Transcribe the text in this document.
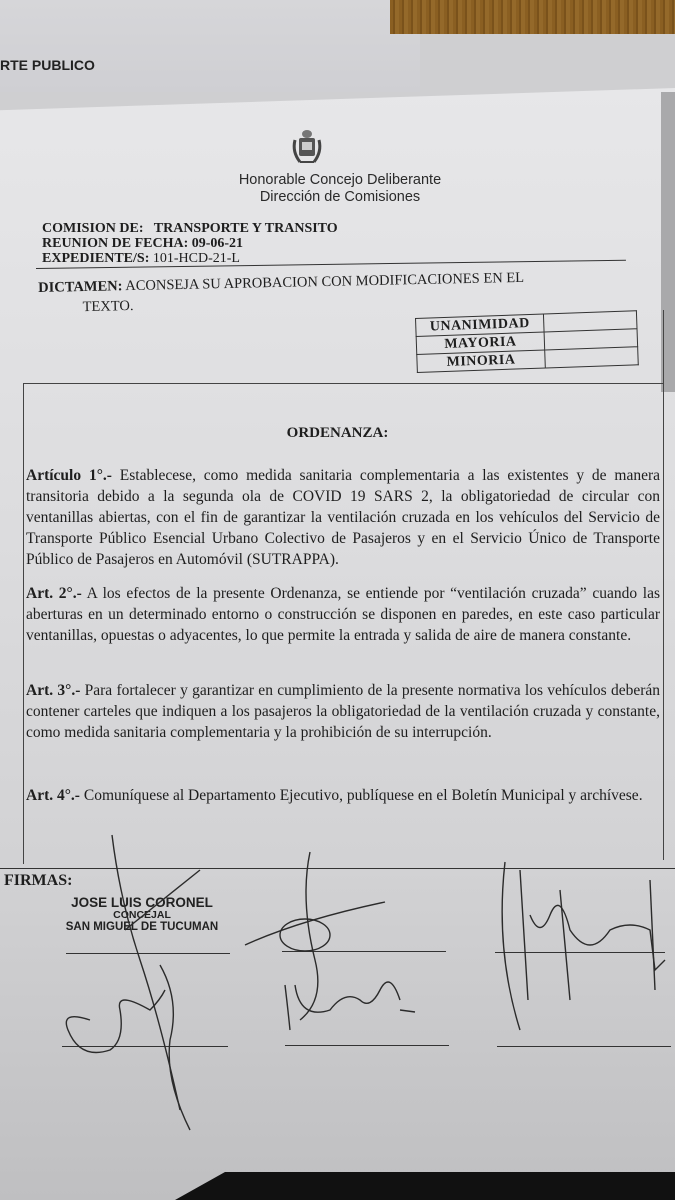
RTE PUBLICO
Honorable Concejo Deliberante
Dirección de Comisiones
COMISION DE: TRANSPORTE Y TRANSITO
REUNION DE FECHA: 09-06-21
EXPEDIENTE/S: 101-HCD-21-L
DICTAMEN: ACONSEJA SU APROBACION CON MODIFICACIONES EN EL
TEXTO.
UNANIMIDAD	
MAYORIA	
MINORIA	
ORDENANZA:
Artículo 1°.- Establecese, como medida sanitaria complementaria a las existentes y de manera transitoria debido a la segunda ola de COVID 19 SARS 2, la obligatoriedad de circular con ventanillas abiertas, con el fin de garantizar la ventilación cruzada en los vehículos del Servicio de Transporte Público Esencial Urbano Colectivo de Pasajeros y en el Servicio Único de Transporte Público de Pasajeros en Automóvil (SUTRAPPA).
Art. 2°.- A los efectos de la presente Ordenanza, se entiende por “ventilación cruzada” cuando las aberturas en un determinado entorno o construcción se disponen en paredes, en este caso particular ventanillas, opuestas o adyacentes, lo que permite la entrada y salida de aire de manera constante.
Art. 3°.- Para fortalecer y garantizar en cumplimiento de la presente normativa los vehículos deberán contener carteles que indiquen a los pasajeros la obligatoriedad de la ventilación cruzada y constante, como medida sanitaria complementaria y la prohibición de su interrupción.
Art. 4°.- Comuníquese al Departamento Ejecutivo, publíquese en el Boletín Municipal y archívese.
FIRMAS:
JOSE LUIS CORONEL
CONCEJAL
SAN MIGUEL DE TUCUMAN
